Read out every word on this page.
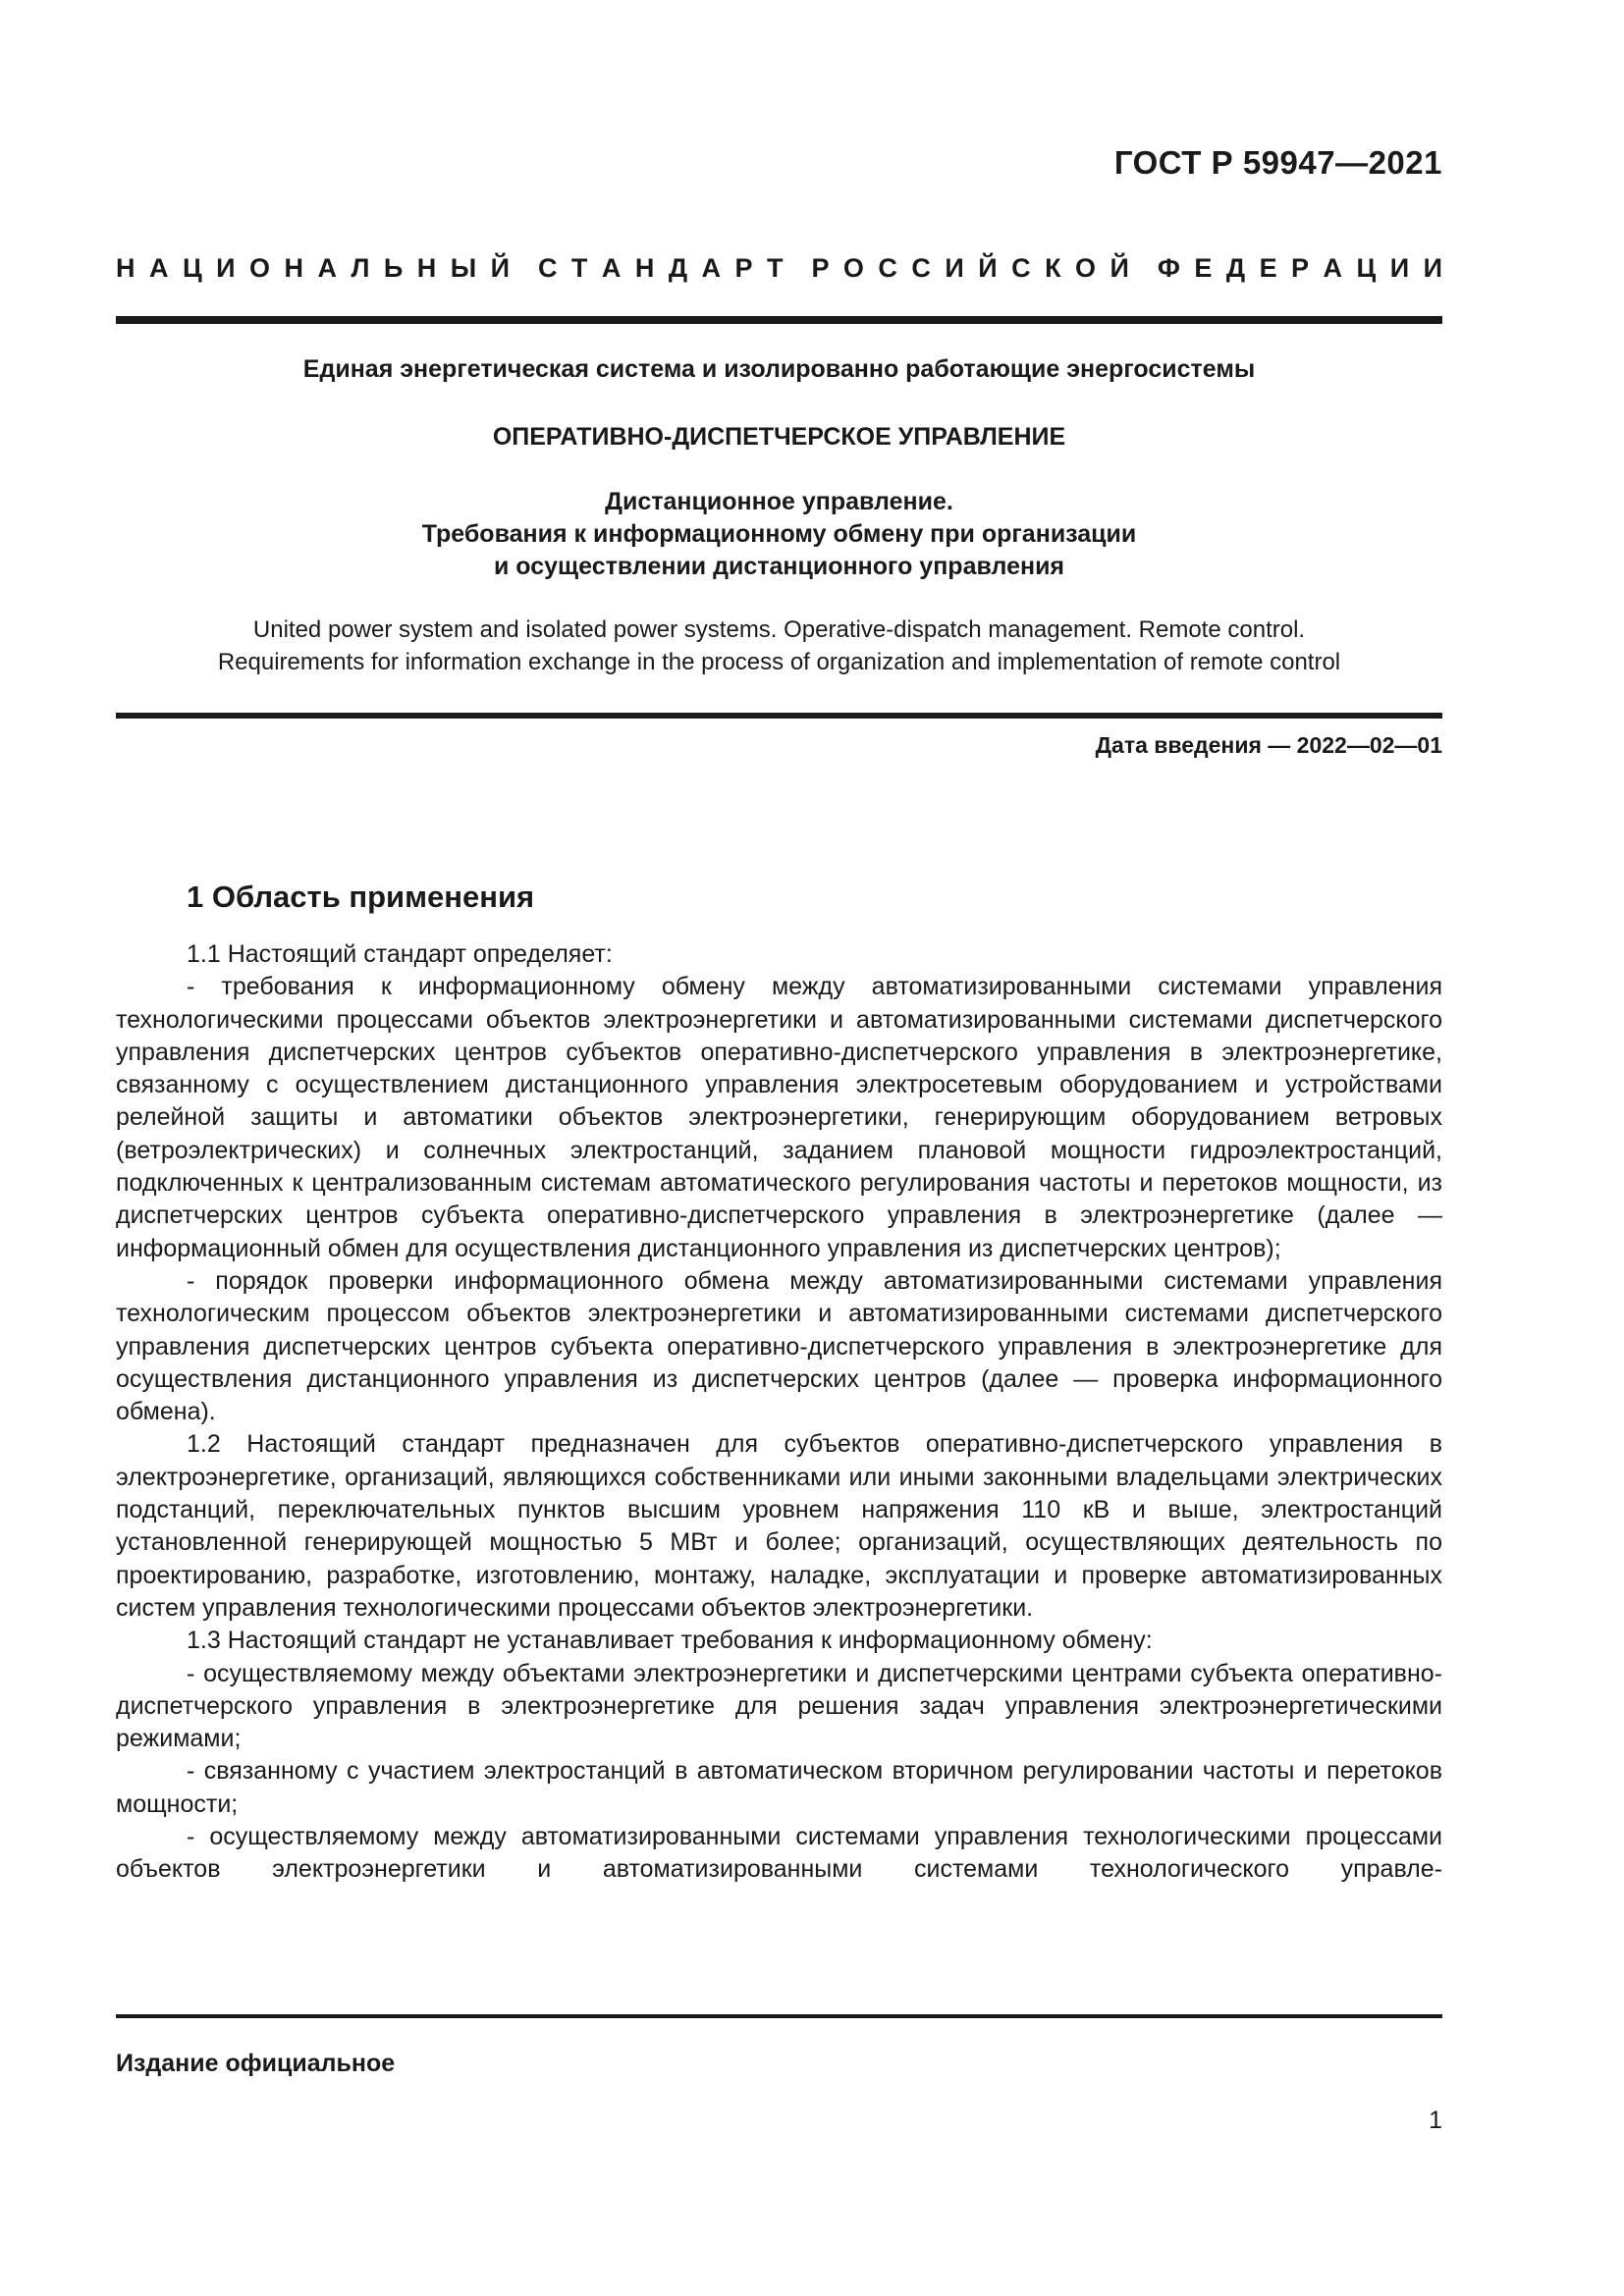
ГОСТ Р 59947—2021
Н А Ц И О Н А Л Ь Н Ы Й С Т А Н Д А Р Т Р О С С И Й С К О Й Ф Е Д Е Р А Ц И И
Единая энергетическая система и изолированно работающие энергосистемы
ОПЕРАТИВНО-ДИСПЕТЧЕРСКОЕ УПРАВЛЕНИЕ
Дистанционное управление.
Требования к информационному обмену при организации
и осуществлении дистанционного управления
United power system and isolated power systems. Operative-dispatch management. Remote control.
Requirements for information exchange in the process of organization and implementation of remote control
Дата введения — 2022—02—01
1 Область применения

1.1 Настоящий стандарт определяет:

- требования к информационному обмену между автоматизированными системами управления технологическими процессами объектов электроэнергетики и автоматизированными системами диспетчерского управления диспетчерских центров субъектов оперативно-диспетчерского управления в электроэнергетике, связанному с осуществлением дистанционного управления электросетевым оборудованием и устройствами релейной защиты и автоматики объектов электроэнергетики, генерирующим оборудованием ветровых (ветроэлектрических) и солнечных электростанций, заданием плановой мощности гидроэлектростанций, подключенных к централизованным системам автоматического регулирования частоты и перетоков мощности, из диспетчерских центров субъекта оперативно-диспетчерского управления в электроэнергетике (далее — информационный обмен для осуществления дистанционного управления из диспетчерских центров);

- порядок проверки информационного обмена между автоматизированными системами управления технологическим процессом объектов электроэнергетики и автоматизированными системами диспетчерского управления диспетчерских центров субъекта оперативно-диспетчерского управления в электроэнергетике для осуществления дистанционного управления из диспетчерских центров (далее — проверка информационного обмена).

1.2 Настоящий стандарт предназначен для субъектов оперативно-диспетчерского управления в электроэнергетике, организаций, являющихся собственниками или иными законными владельцами электрических подстанций, переключательных пунктов высшим уровнем напряжения 110 кВ и выше, электростанций установленной генерирующей мощностью 5 МВт и более; организаций, осуществляющих деятельность по проектированию, разработке, изготовлению, монтажу, наладке, эксплуатации и проверке автоматизированных систем управления технологическими процессами объектов электроэнергетики.

1.3 Настоящий стандарт не устанавливает требования к информационному обмену:

- осуществляемому между объектами электроэнергетики и диспетчерскими центрами субъекта оперативно-диспетчерского управления в электроэнергетике для решения задач управления электроэнергетическими режимами;

- связанному с участием электростанций в автоматическом вторичном регулировании частоты и перетоков мощности;

- осуществляемому между автоматизированными системами управления технологическими процессами объектов электроэнергетики и автоматизированными системами технологического управле-

Издание официальное
1
